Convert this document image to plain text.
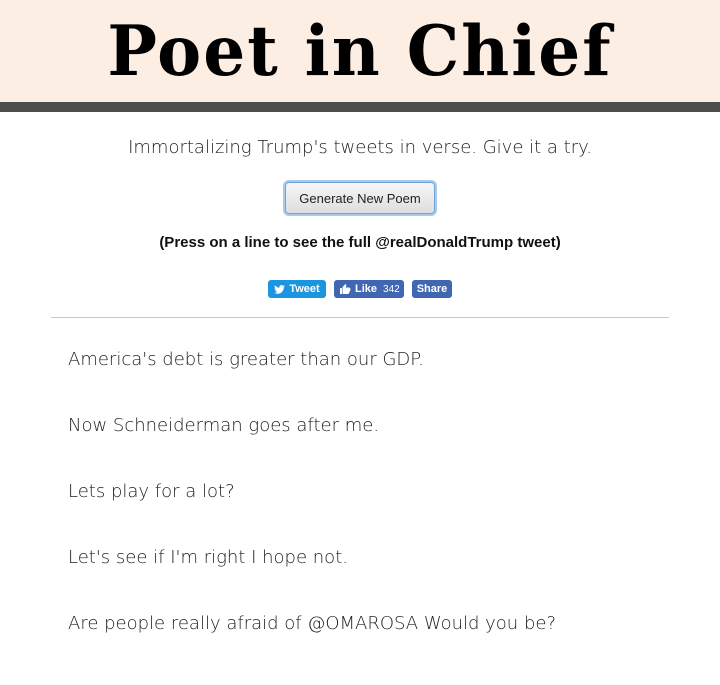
Poet in Chief

Immortalizing Trump's tweets in verse. Give it a try.

Generate New Poem

(Press on a line to see the full @realDonaldTrump tweet)

Tweet	Like 342 Share
America's debt is greater than our GDP.
Now Schneiderman goes after me.
Lets play for a lot?
Let's see if I'm right I hope not.
Are people really afraid of @OMAROSA Would you be?
